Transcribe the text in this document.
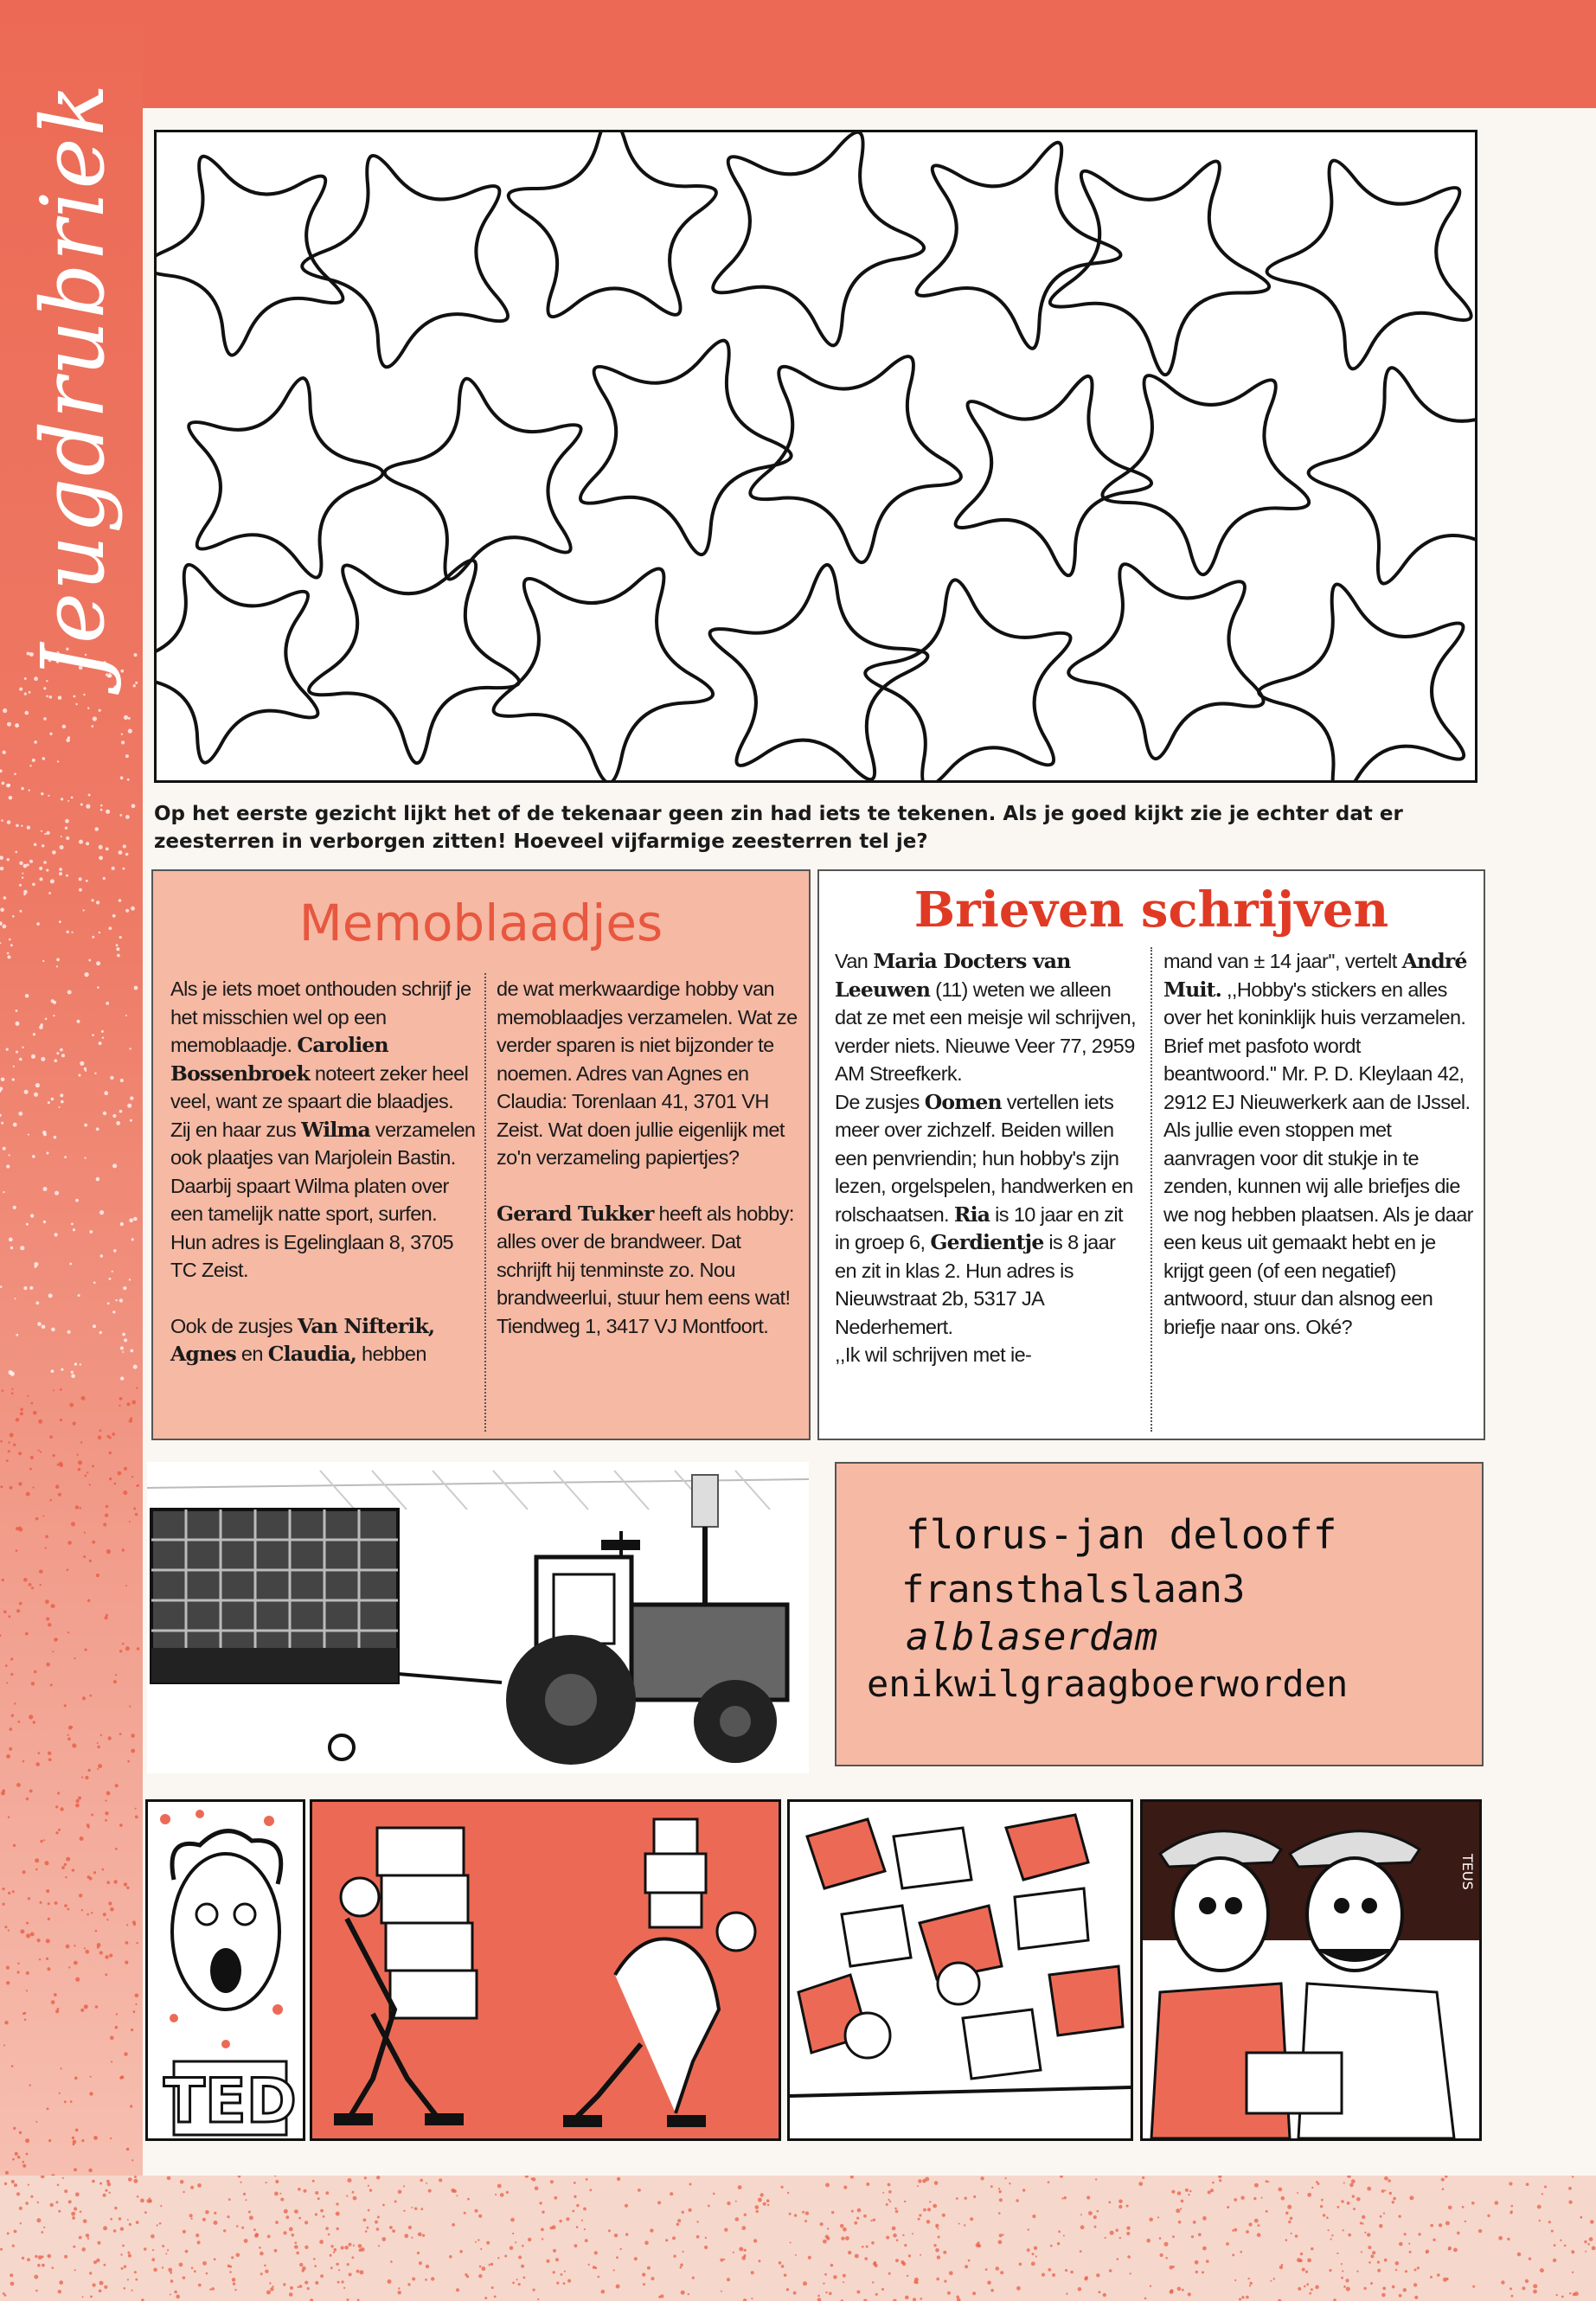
Jeugdrubriek
Op het eerste gezicht lijkt het of de tekenaar geen zin had iets te tekenen. Als je goed kijkt zie je echter dat er zeesterren in verborgen zitten! Hoeveel vijfarmige zeesterren tel je?
Memoblaadjes

Als je iets moet onthouden schrijf je het misschien wel op een memoblaadje. Carolien Bossenbroek noteert zeker heel veel, want ze spaart die blaadjes. Zij en haar zus Wilma verzamelen ook plaatjes van Marjolein Bastin. Daarbij spaart Wilma platen over een tamelijk natte sport, surfen. Hun adres is Egelinglaan 8, 3705 TC Zeist.

Ook de zusjes Van Nifterik, Agnes en Claudia, hebben

de wat merkwaardige hobby van memoblaadjes verzamelen. Wat ze verder sparen is niet bijzonder te noemen. Adres van Agnes en Claudia: Torenlaan 41, 3701 VH Zeist. Wat doen jullie eigenlijk met zo'n verzameling papiertjes?

Gerard Tukker heeft als hobby: alles over de brandweer. Dat schrijft hij tenminste zo. Nou brandweerlui, stuur hem eens wat! Tiendweg 1, 3417 VJ Montfoort.

Brieven schrijven

Van Maria Docters van Leeuwen (11) weten we alleen dat ze met een meisje wil schrijven, verder niets. Nieuwe Veer 77, 2959 AM Streefkerk.
De zusjes Oomen vertellen iets meer over zichzelf. Beiden willen een penvriendin; hun hobby's zijn lezen, orgelspelen, handwerken en rolschaatsen. Ria is 10 jaar en zit in groep 6, Gerdientje is 8 jaar en zit in klas 2. Hun adres is Nieuwstraat 2b, 5317 JA Nederhemert.
,,Ik wil schrijven met ie-

mand van ± 14 jaar'', vertelt André Muit. ,,Hobby's stickers en alles over het koninklijk huis verzamelen. Brief met pasfoto wordt beantwoord.'' Mr. P. D. Kleylaan 42, 2912 EJ Nieuwerkerk aan de IJssel.
Als jullie even stoppen met aanvragen voor dit stukje in te zenden, kunnen wij alle briefjes die we nog hebben plaatsen. Als je daar een keus uit gemaakt hebt en je krijgt geen (of een negatief) antwoord, stuur dan alsnog een briefje naar ons. Oké?

florus-jan delooff
fransthalslaan3
alblaserdam
enikwilgraagboerworden
TED
TEUS
